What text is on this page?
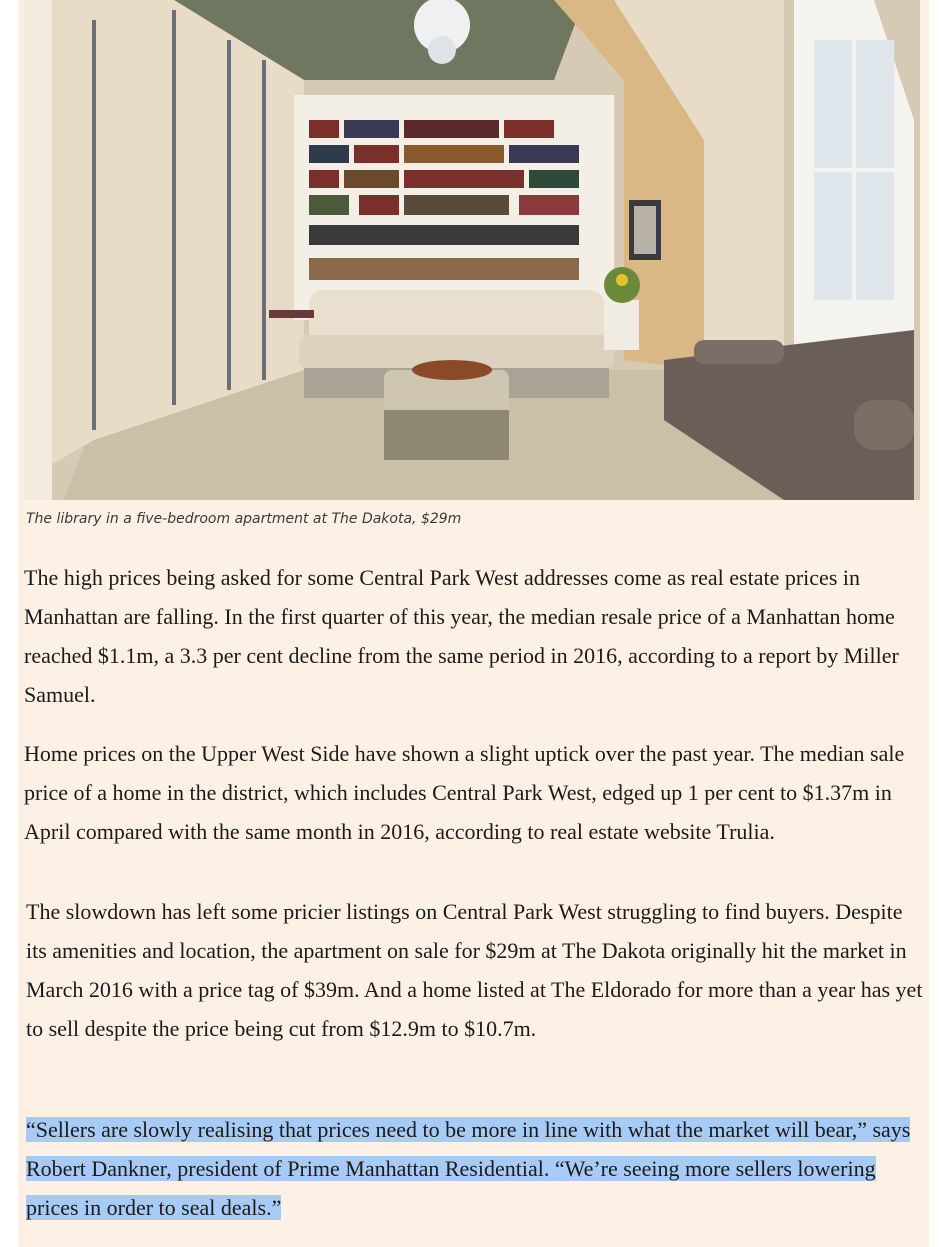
The library in a five-bedroom apartment at The Dakota, $29m

The high prices being asked for some Central Park West addresses come as real estate prices in Manhattan are falling. In the first quarter of this year, the median resale price of a Manhattan home reached $1.1m, a 3.3 per cent decline from the same period in 2016, according to a report by Miller Samuel.

Home prices on the Upper West Side have shown a slight uptick over the past year. The median sale price of a home in the district, which includes Central Park West, edged up 1 per cent to $1.37m in April compared with the same month in 2016, according to real estate website Trulia.

The slowdown has left some pricier listings on Central Park West struggling to find buyers. Despite its amenities and location, the apartment on sale for $29m at The Dakota originally hit the market in March 2016 with a price tag of $39m. And a home listed at The Eldorado for more than a year has yet to sell despite the price being cut from $12.9m to $10.7m.

“Sellers are slowly realising that prices need to be more in line with what the market will bear,” says Robert Dankner, president of Prime Manhattan Residential. “We’re seeing more sellers lowering prices in order to seal deals.”
